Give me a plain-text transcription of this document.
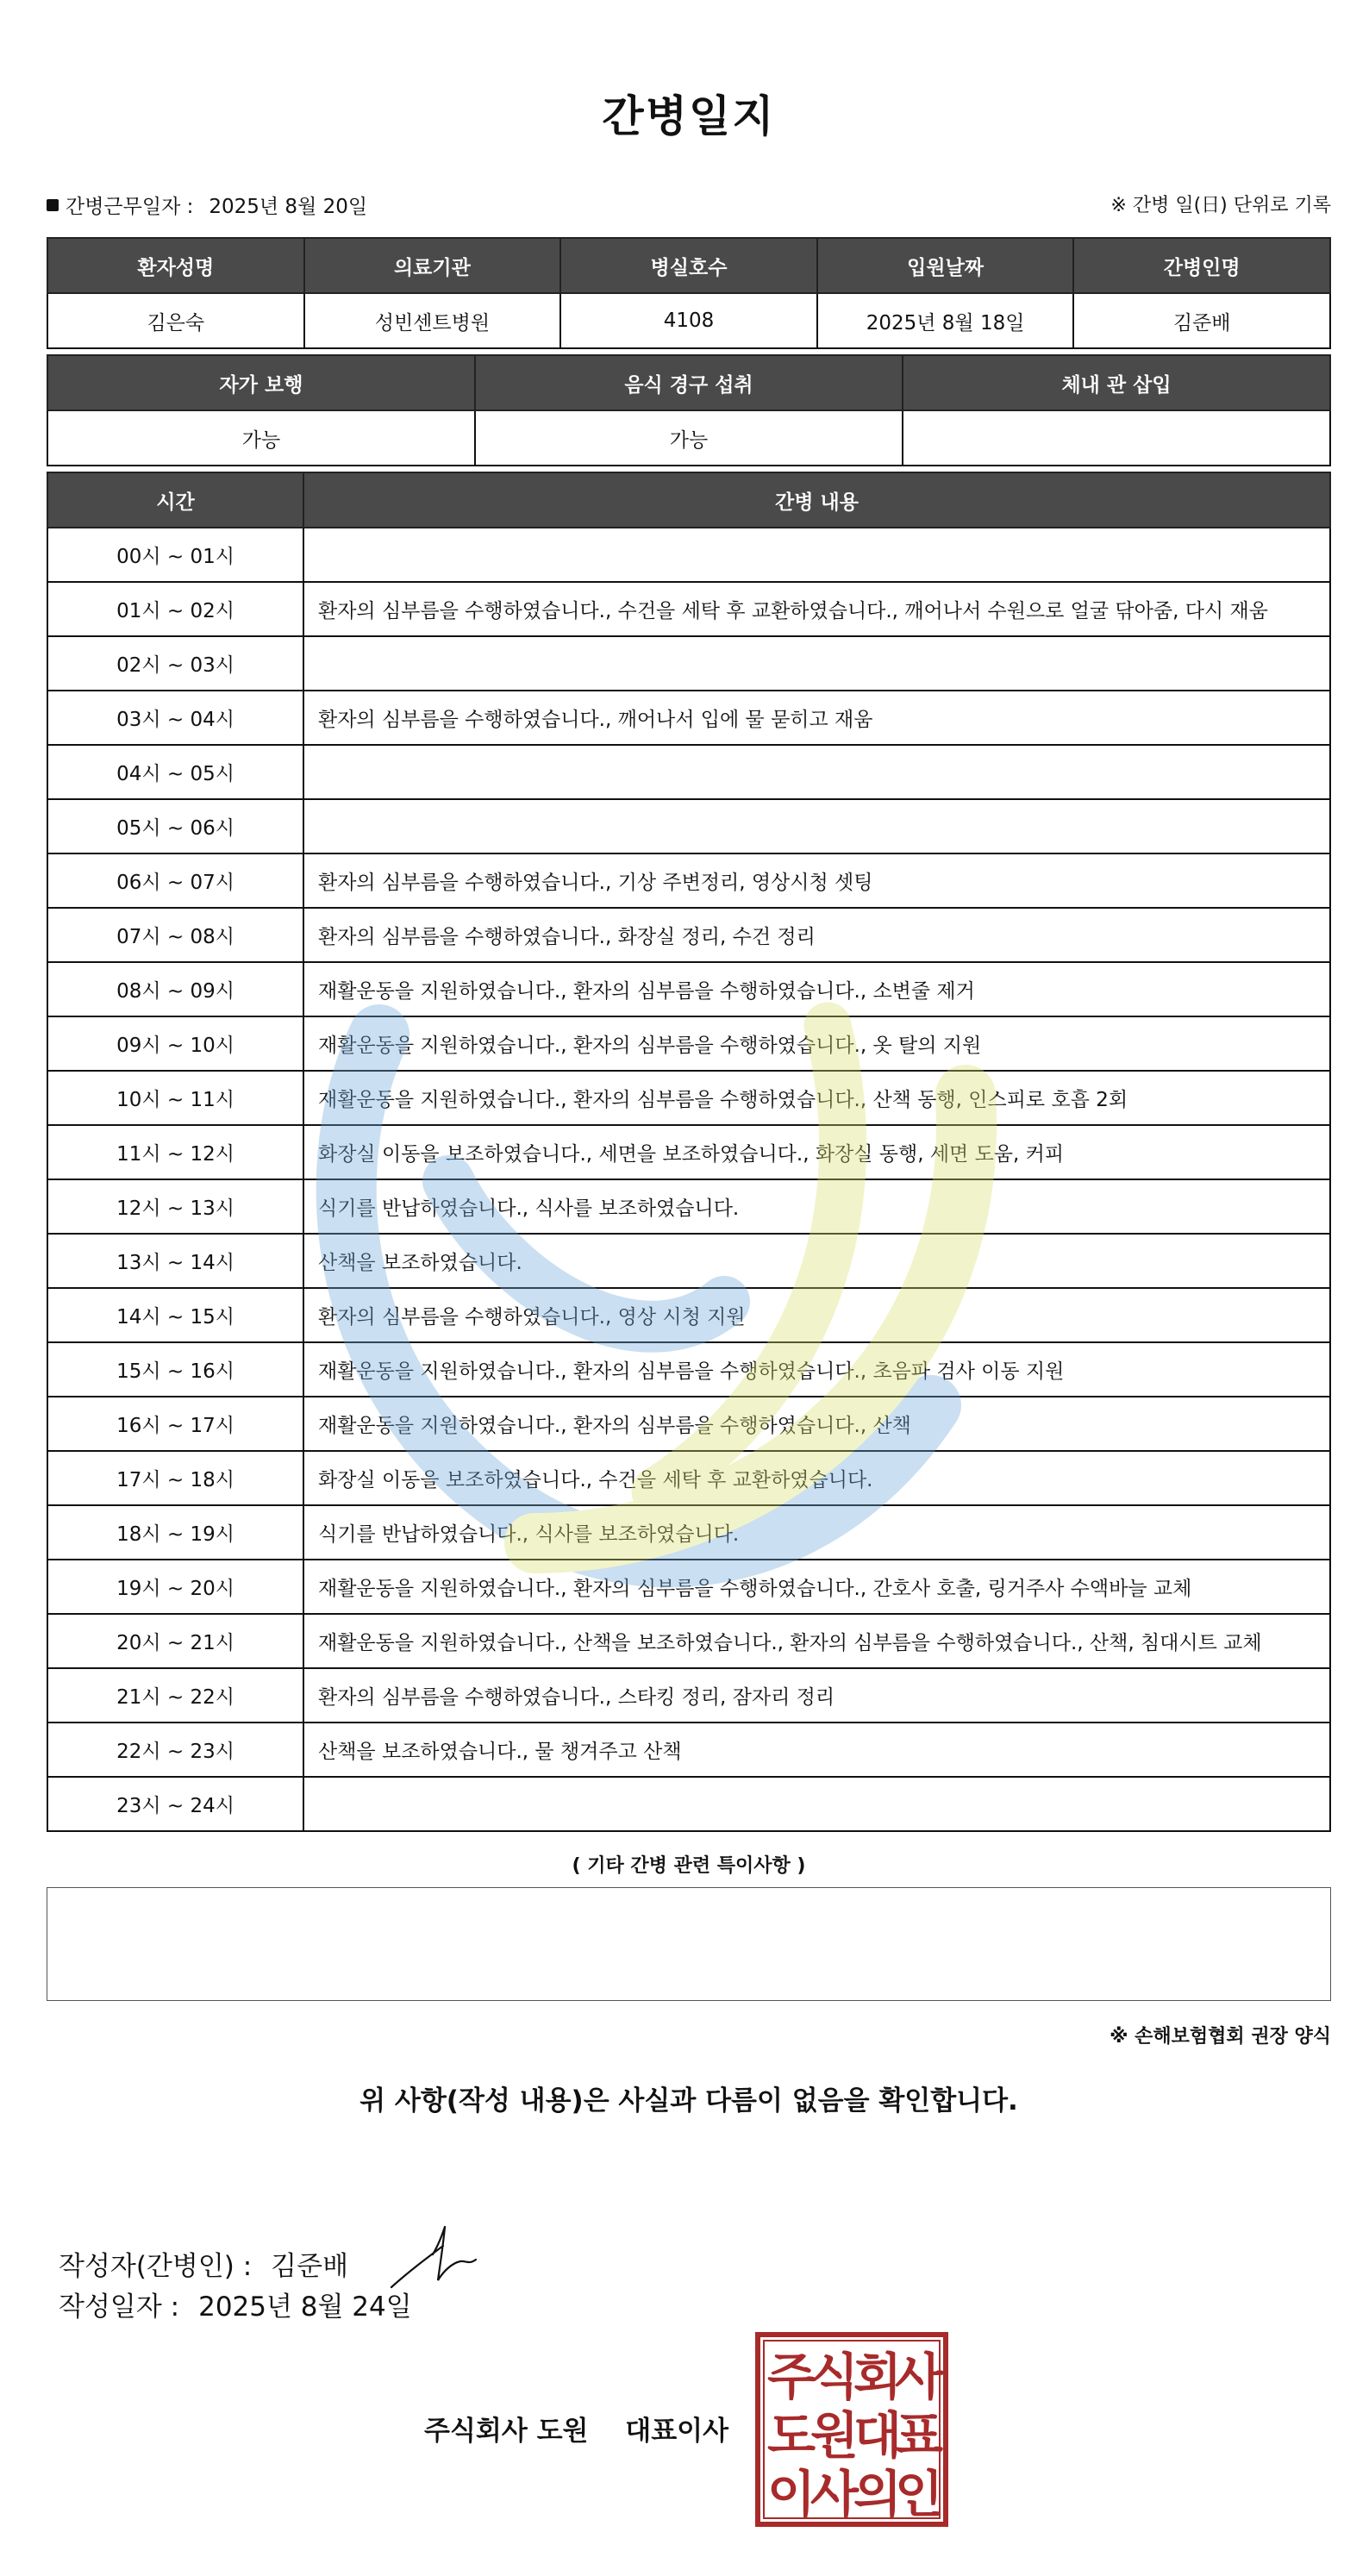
간병일지
간병근무일자 : 2025년 8월 20일	※ 간병 일(日) 단위로 기록
환자성명	의료기관	병실호수	입원날짜	간병인명
김은숙	성빈센트병원	4108	2025년 8월 18일	김준배
자가 보행	음식 경구 섭취	체내 관 삽입
가능	가능	
시간	간병 내용
00시 ~ 01시	
01시 ~ 02시	환자의 심부름을 수행하였습니다., 수건을 세탁 후 교환하였습니다., 깨어나서 수원으로 얼굴 닦아줌, 다시 재움
02시 ~ 03시	
03시 ~ 04시	환자의 심부름을 수행하였습니다., 깨어나서 입에 물 묻히고 재움
04시 ~ 05시	
05시 ~ 06시	
06시 ~ 07시	환자의 심부름을 수행하였습니다., 기상 주변정리, 영상시청 셋팅
07시 ~ 08시	환자의 심부름을 수행하였습니다., 화장실 정리, 수건 정리
08시 ~ 09시	재활운동을 지원하였습니다., 환자의 심부름을 수행하였습니다., 소변줄 제거
09시 ~ 10시	재활운동을 지원하였습니다., 환자의 심부름을 수행하였습니다., 옷 탈의 지원
10시 ~ 11시	재활운동을 지원하였습니다., 환자의 심부름을 수행하였습니다., 산책 동행, 인스피로 호흡 2회
11시 ~ 12시	화장실 이동을 보조하였습니다., 세면을 보조하였습니다., 화장실 동행, 세면 도움, 커피
12시 ~ 13시	식기를 반납하였습니다., 식사를 보조하였습니다.
13시 ~ 14시	산책을 보조하였습니다.
14시 ~ 15시	환자의 심부름을 수행하였습니다., 영상 시청 지원
15시 ~ 16시	재활운동을 지원하였습니다., 환자의 심부름을 수행하였습니다., 초음파 검사 이동 지원
16시 ~ 17시	재활운동을 지원하였습니다., 환자의 심부름을 수행하였습니다., 산책
17시 ~ 18시	화장실 이동을 보조하였습니다., 수건을 세탁 후 교환하였습니다.
18시 ~ 19시	식기를 반납하였습니다., 식사를 보조하였습니다.
19시 ~ 20시	재활운동을 지원하였습니다., 환자의 심부름을 수행하였습니다., 간호사 호출, 링거주사 수액바늘 교체
20시 ~ 21시	재활운동을 지원하였습니다., 산책을 보조하였습니다., 환자의 심부름을 수행하였습니다., 산책, 침대시트 교체
21시 ~ 22시	환자의 심부름을 수행하였습니다., 스타킹 정리, 잠자리 정리
22시 ~ 23시	산책을 보조하였습니다., 물 챙겨주고 산책
23시 ~ 24시	
( 기타 간병 관련 특이사항 )
※ 손해보험협회 권장 양식
위 사항(작성 내용)은 사실과 다름이 없음을 확인합니다.
작성자(간병인) : 김준배
작성일자 : 2025년 8월 24일
주식회사 도원 대표이사
주
식
회
사
도
원
대
표
이
사
의
인
